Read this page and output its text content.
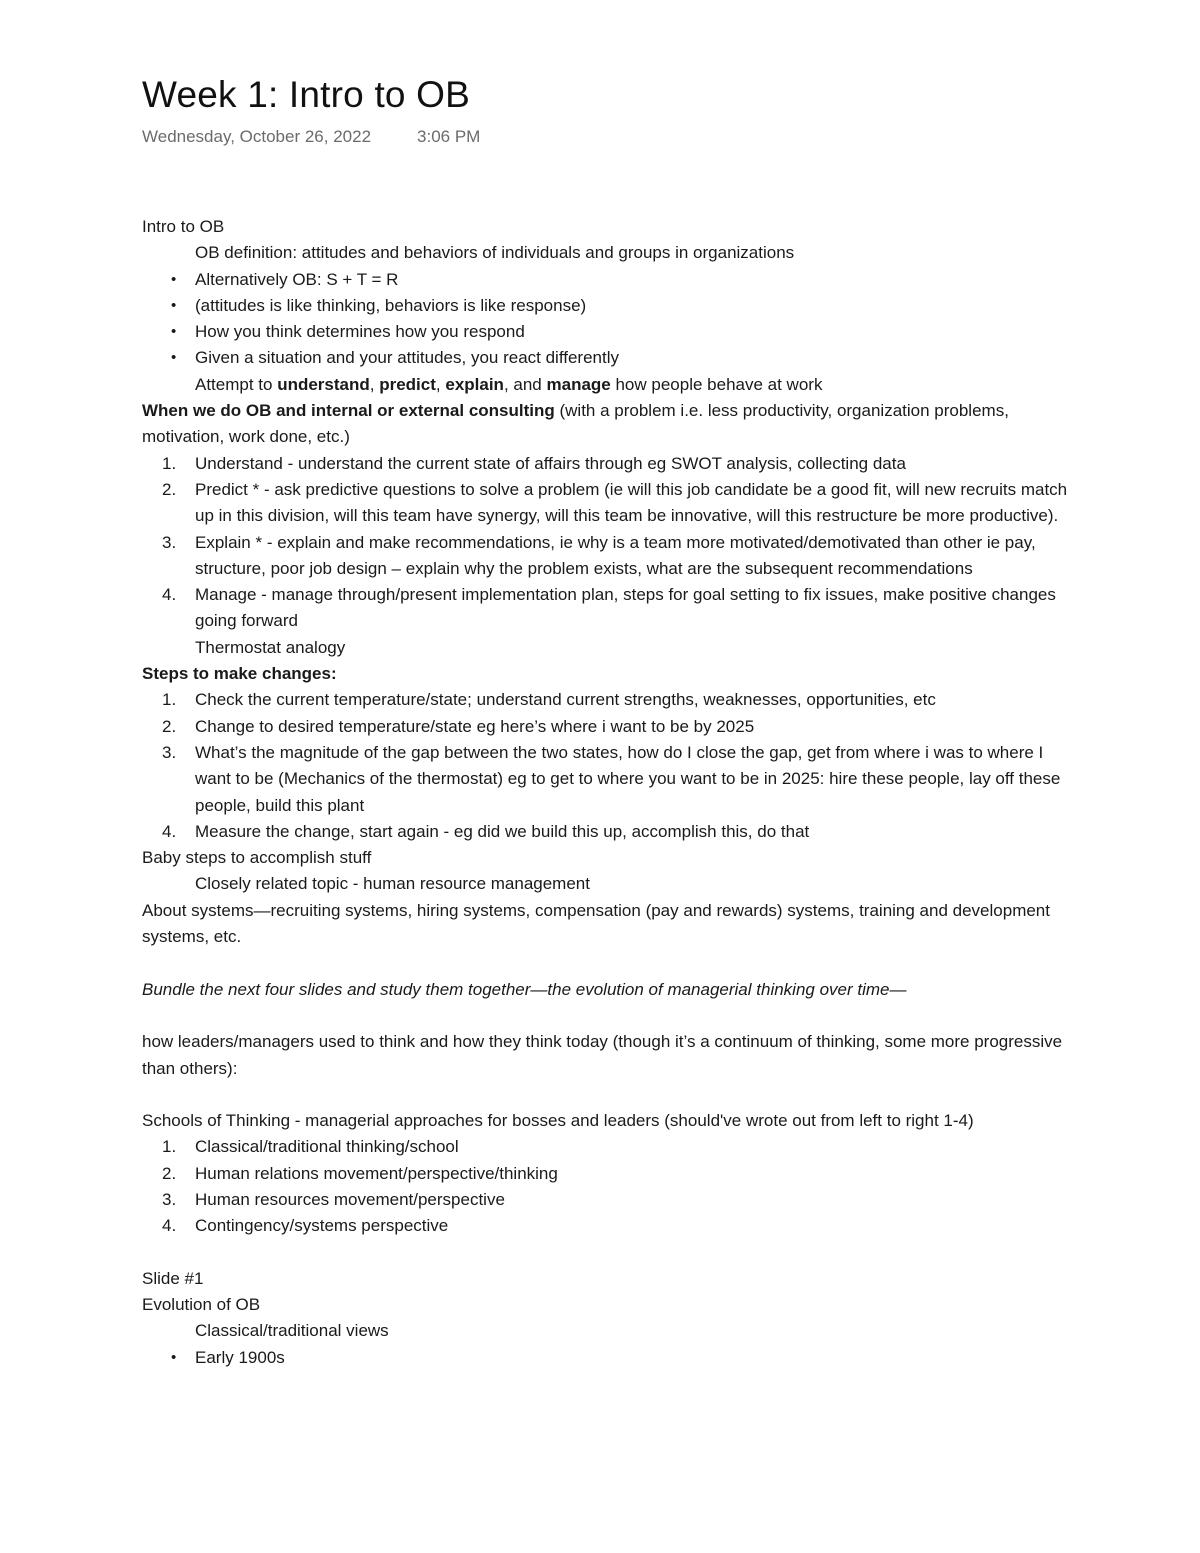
Week 1: Intro to OB
Wednesday, October 26, 2022	3:06 PM
Intro to OB
OB definition: attitudes and behaviors of individuals and groups in organizations
• Alternatively OB: S + T = R
• (attitudes is like thinking, behaviors is like response)
• How you think determines how you respond
• Given a situation and your attitudes, you react differently
Attempt to understand, predict, explain, and manage how people behave at work
When we do OB and internal or external consulting (with a problem i.e. less productivity, organization problems, motivation, work done, etc.)
1. Understand - understand the current state of affairs through eg SWOT analysis, collecting data
2. Predict * - ask predictive questions to solve a problem (ie will this job candidate be a good fit, will new recruits match up in this division, will this team have synergy, will this team be innovative, will this restructure be more productive).
3. Explain * - explain and make recommendations, ie why is a team more motivated/demotivated than other ie pay, structure, poor job design – explain why the problem exists, what are the subsequent recommendations
4. Manage - manage through/present implementation plan, steps for goal setting to fix issues, make positive changes going forward
Thermostat analogy
Steps to make changes:
1. Check the current temperature/state; understand current strengths, weaknesses, opportunities, etc
2. Change to desired temperature/state eg here’s where i want to be by 2025
3. What’s the magnitude of the gap between the two states, how do I close the gap, get from where i was to where I want to be (Mechanics of the thermostat) eg to get to where you want to be in 2025: hire these people, lay off these people, build this plant
4. Measure the change, start again - eg did we build this up, accomplish this, do that
Baby steps to accomplish stuff
Closely related topic - human resource management
About systems—recruiting systems, hiring systems, compensation (pay and rewards) systems, training and development systems, etc.
Bundle the next four slides and study them together—the evolution of managerial thinking over time—
how leaders/managers used to think and how they think today (though it’s a continuum of thinking, some more progressive than others):
Schools of Thinking - managerial approaches for bosses and leaders (should've wrote out from left to right 1-4)
1. Classical/traditional thinking/school
2. Human relations movement/perspective/thinking
3. Human resources movement/perspective
4. Contingency/systems perspective
Slide #1
Evolution of OB
Classical/traditional views
• Early 1900s
